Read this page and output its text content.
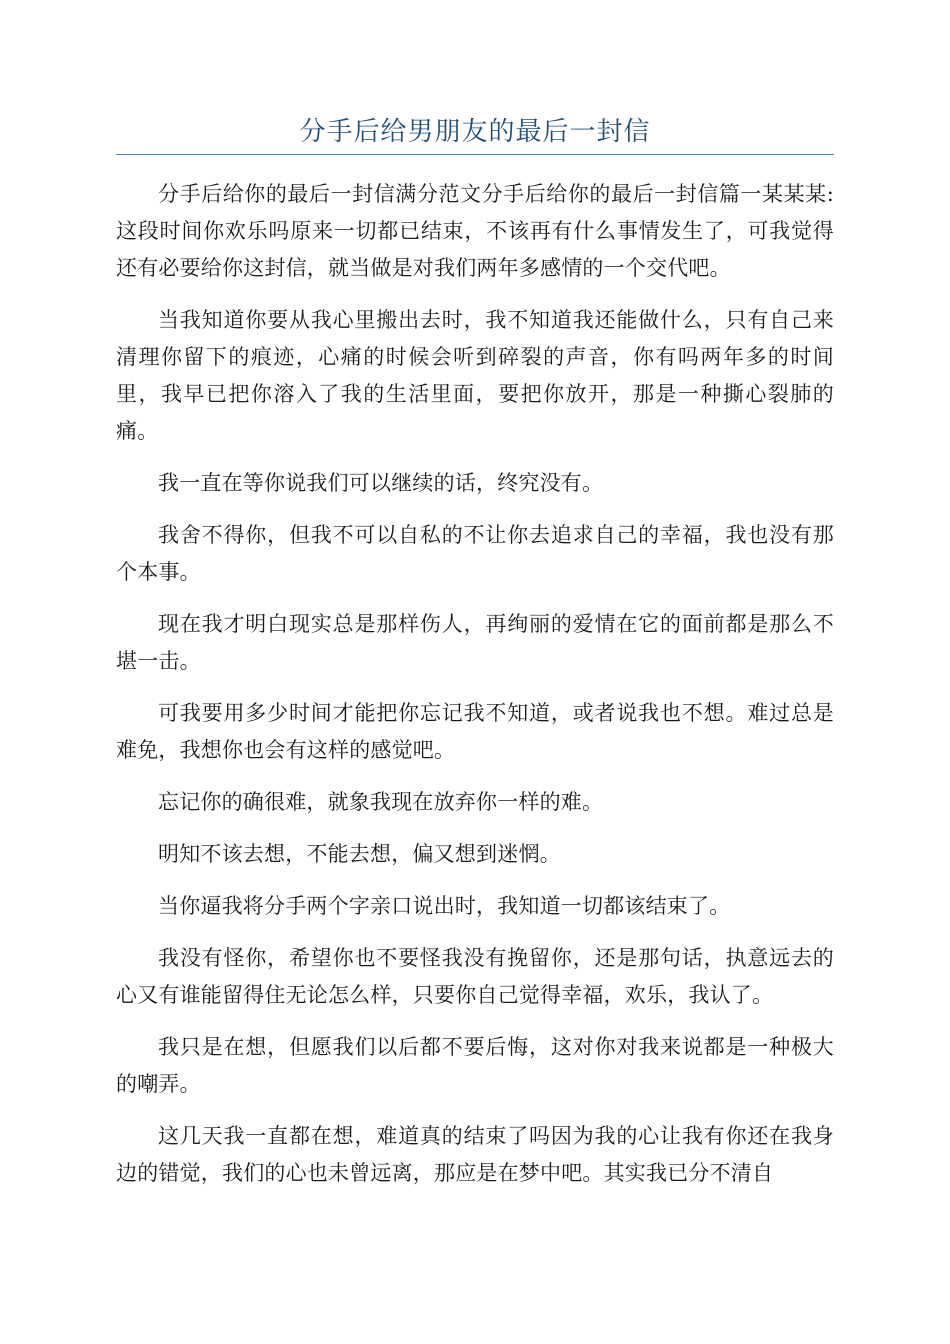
分手后给男朋友的最后一封信

分手后给你的最后一封信满分范文分手后给你的最后一封信篇一某某某:这段时间你欢乐吗原来一切都已结束，不该再有什么事情发生了，可我觉得还有必要给你这封信，就当做是对我们两年多感情的一个交代吧。

当我知道你要从我心里搬出去时，我不知道我还能做什么，只有自己来清理你留下的痕迹，心痛的时候会听到碎裂的声音，你有吗两年多的时间里，我早已把你溶入了我的生活里面，要把你放开，那是一种撕心裂肺的痛。

我一直在等你说我们可以继续的话，终究没有。

我舍不得你，但我不可以自私的不让你去追求自己的幸福，我也没有那个本事。

现在我才明白现实总是那样伤人，再绚丽的爱情在它的面前都是那么不堪一击。

可我要用多少时间才能把你忘记我不知道，或者说我也不想。难过总是难免，我想你也会有这样的感觉吧。

忘记你的确很难，就象我现在放弃你一样的难。

明知不该去想，不能去想，偏又想到迷惘。

当你逼我将分手两个字亲口说出时，我知道一切都该结束了。

我没有怪你，希望你也不要怪我没有挽留你，还是那句话，执意远去的心又有谁能留得住无论怎么样，只要你自己觉得幸福，欢乐，我认了。

我只是在想，但愿我们以后都不要后悔，这对你对我来说都是一种极大的嘲弄。

这几天我一直都在想，难道真的结束了吗因为我的心让我有你还在我身边的错觉，我们的心也未曾远离，那应是在梦中吧。其实我已分不清自
